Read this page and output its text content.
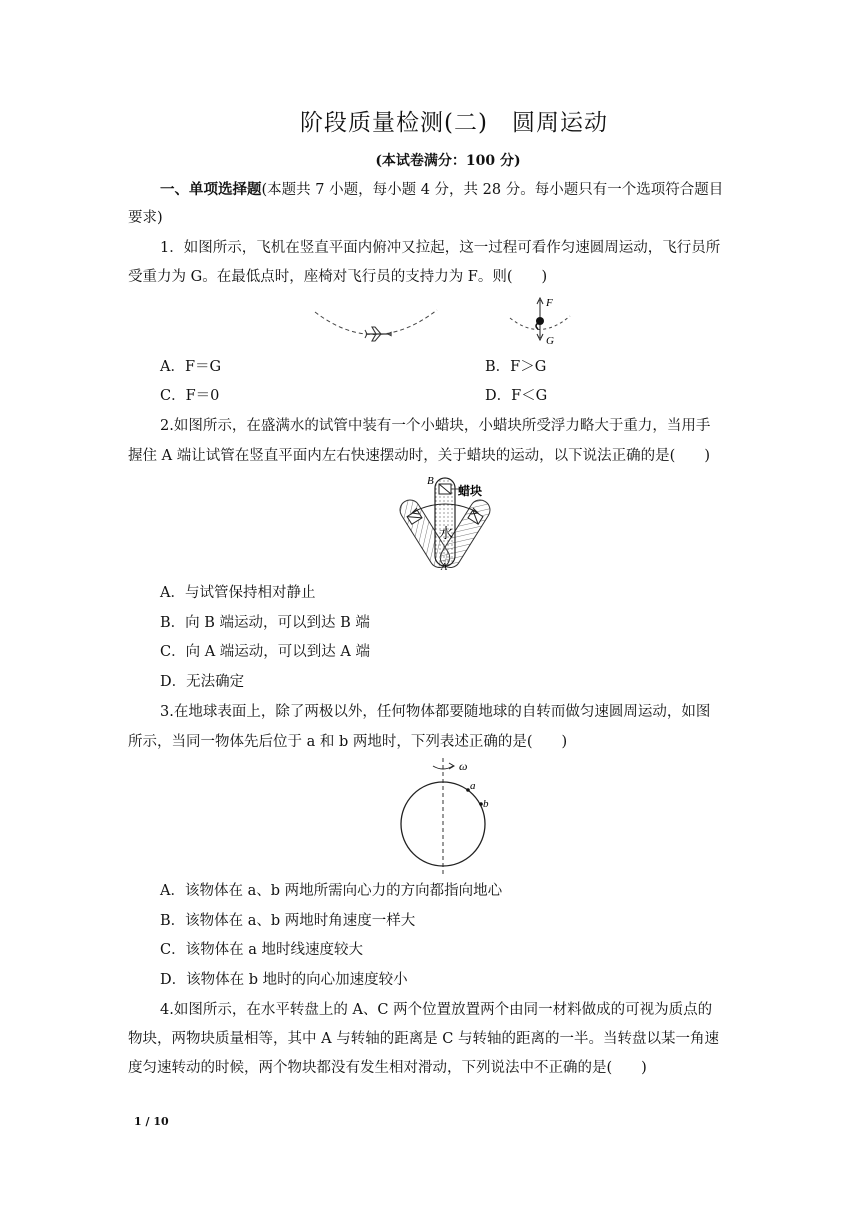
阶段质量检测(二)　圆周运动
(本试卷满分：100 分)
一、单项选择题(本题共 7 小题，每小题 4 分，共 28 分。每小题只有一个选项符合题目
要求)
1．如图所示，飞机在竖直平面内俯冲又拉起，这一过程可看作匀速圆周运动，飞行员所
受重力为 G。在最低点时，座椅对飞行员的支持力为 F。则(　　)
F
G
A．F＝G	B．F＞G
C．F＝0	D．F＜G
2.如图所示，在盛满水的试管中装有一个小蜡块，小蜡块所受浮力略大于重力，当用手
握住 A 端让试管在竖直平面内左右快速摆动时，关于蜡块的运动，以下说法正确的是(　　)
B
A
蜡块
水
A．与试管保持相对静止
B．向 B 端运动，可以到达 B 端
C．向 A 端运动，可以到达 A 端
D．无法确定
3.在地球表面上，除了两极以外，任何物体都要随地球的自转而做匀速圆周运动，如图
所示，当同一物体先后位于 a 和 b 两地时，下列表述正确的是(　　)
ω
a
b
A．该物体在 a、b 两地所需向心力的方向都指向地心
B．该物体在 a、b 两地时角速度一样大
C．该物体在 a 地时线速度较大
D．该物体在 b 地时的向心加速度较小
4.如图所示，在水平转盘上的 A、C 两个位置放置两个由同一材料做成的可视为质点的
物块，两物块质量相等，其中 A 与转轴的距离是 C 与转轴的距离的一半。当转盘以某一角速
度匀速转动的时候，两个物块都没有发生相对滑动，下列说法中不正确的是(　　)
1 / 10
